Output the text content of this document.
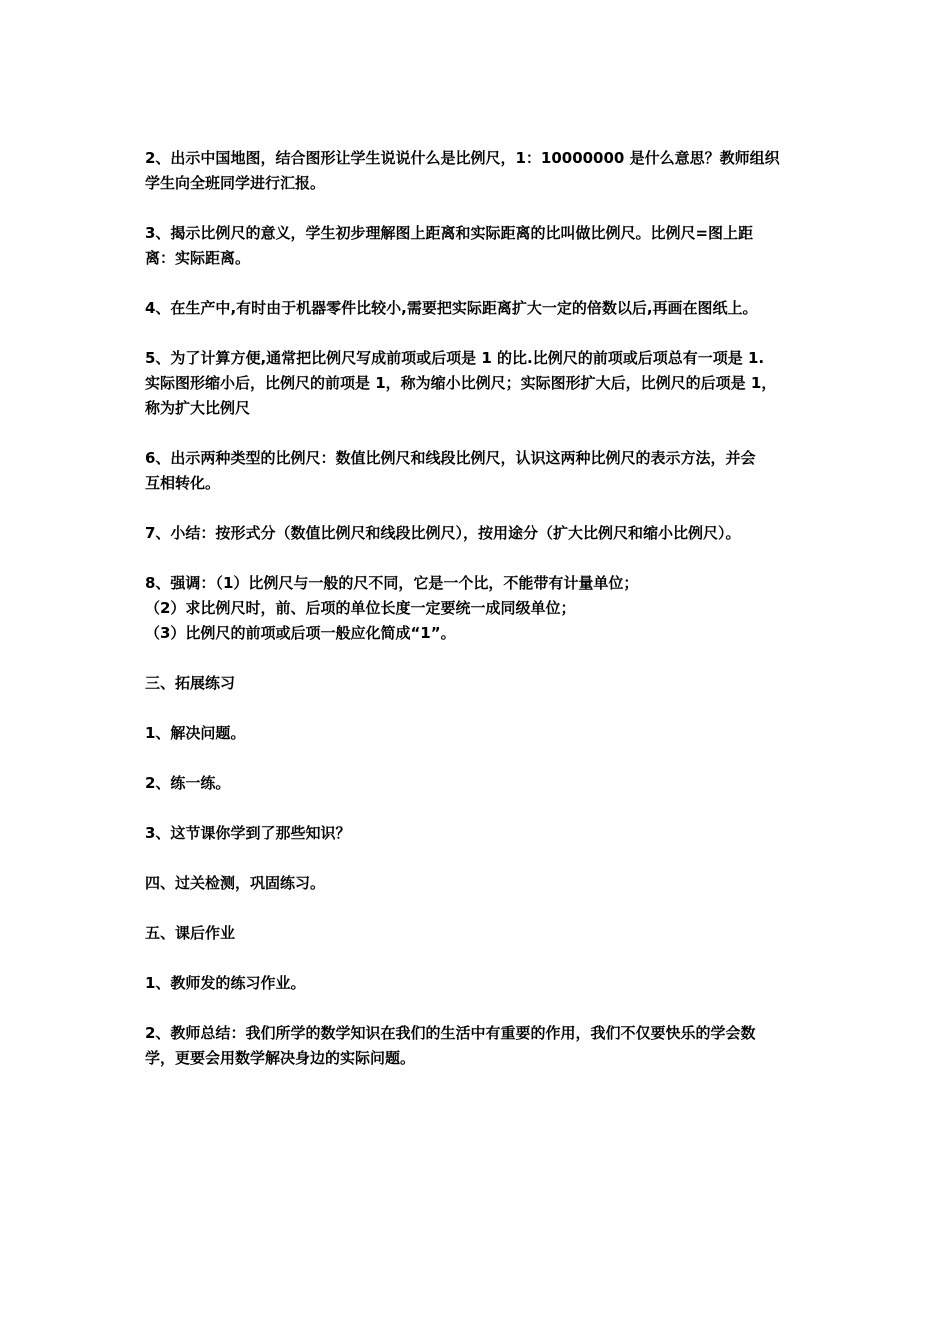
2、出示中国地图，结合图形让学生说说什么是比例尺，1：10000000 是什么意思？教师组织
学生向全班同学进行汇报。

3、揭示比例尺的意义，学生初步理解图上距离和实际距离的比叫做比例尺。比例尺=图上距
离：实际距离。

4、在生产中,有时由于机器零件比较小,需要把实际距离扩大一定的倍数以后,再画在图纸上。

5、为了计算方便,通常把比例尺写成前项或后项是 1 的比.比例尺的前项或后项总有一项是 1.
实际图形缩小后，比例尺的前项是 1，称为缩小比例尺；实际图形扩大后，比例尺的后项是 1，
称为扩大比例尺

6、出示两种类型的比例尺：数值比例尺和线段比例尺，认识这两种比例尺的表示方法，并会
互相转化。

7、小结：按形式分（数值比例尺和线段比例尺），按用途分（扩大比例尺和缩小比例尺）。

8、强调：（1）比例尺与一般的尺不同，它是一个比，不能带有计量单位；
（2）求比例尺时，前、后项的单位长度一定要统一成同级单位；
（3）比例尺的前项或后项一般应化简成“1”。

三、拓展练习

1、解决问题。

2、练一练。

3、这节课你学到了那些知识？

四、过关检测，巩固练习。

五、课后作业

1、教师发的练习作业。

2、教师总结：我们所学的数学知识在我们的生活中有重要的作用，我们不仅要快乐的学会数
学，更要会用数学解决身边的实际问题。
